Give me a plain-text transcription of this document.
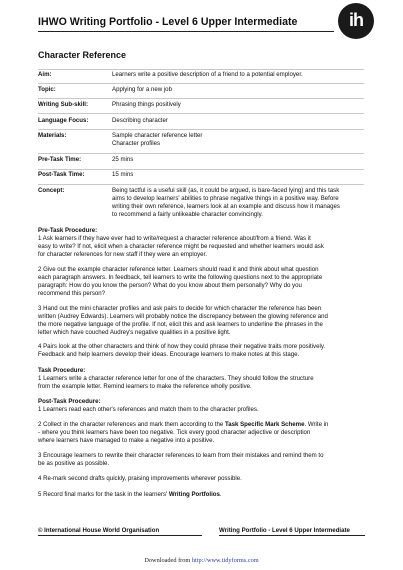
IHWO Writing Portfolio - Level 6 Upper Intermediate	ih
Character Reference
Aim:	Learners write a positive description of a friend to a potential employer.
Topic:	Applying for a new job
Writing Sub-skill:	Phrasing things positively
Language Focus:	Describing character
Materials:	Sample character reference letter
Character profiles
Pre-Task Time:	25 mins
Post-Task Time:	15 mins
Concept:	Being tactful is a useful skill (as, it could be argued, is bare-faced lying) and this task
aims to develop learners' abilities to phrase negative things in a positive way. Before
writing their own reference, learners look at an example and discuss how it manages
to recommend a fairly unlikeable character convincingly.
Pre-Task Procedure:
1 Ask learners if they have ever had to write/request a character reference about/from a friend. Was it
easy to write? If not, elicit when a character reference might be requested and whether learners would ask
for character references for new staff if they were an employer.
2 Give out the example character reference letter. Learners should read it and think about what question
each paragraph answers. In feedback, tell learners to write the following questions next to the appropriate
paragraph: How do you know the person? What do you know about them personally? Why do you
recommend this person?
3 Hand out the mini character profiles and ask pairs to decide for which character the reference has been
written (Audrey Edwards). Learners will probably notice the discrepancy between the glowing reference and
the more negative language of the profile. If not, elicit this and ask learners to underline the phrases in the
letter which have couched Audrey's negative qualities in a positive light.
4 Pairs look at the other characters and think of how they could phrase their negative traits more positively.
Feedback and help learners develop their ideas. Encourage learners to make notes at this stage.
Task Procedure:
1 Learners write a character reference letter for one of the characters. They should follow the structure
from the example letter. Remind learners to make the reference wholly positive.
Post-Task Procedure:
1 Learners read each other's references and match them to the character profiles.
2 Collect in the character references and mark them according to the Task Specific Mark Scheme. Write in
- where you think learners have been too negative. Tick every good character adjective or description
where learners have managed to make a negative into a positive.
3 Encourage learners to rewrite their character references to learn from their mistakes and remind them to
be as positive as possible.
4 Re-mark second drafts quickly, praising improvements wherever possible.
5 Record final marks for the task in the learners' Writing Portfolios.
© International House World Organisation	Writing Portfolio - Level 6 Upper Intermediate
Downloaded from http://www.tidyforms.com
